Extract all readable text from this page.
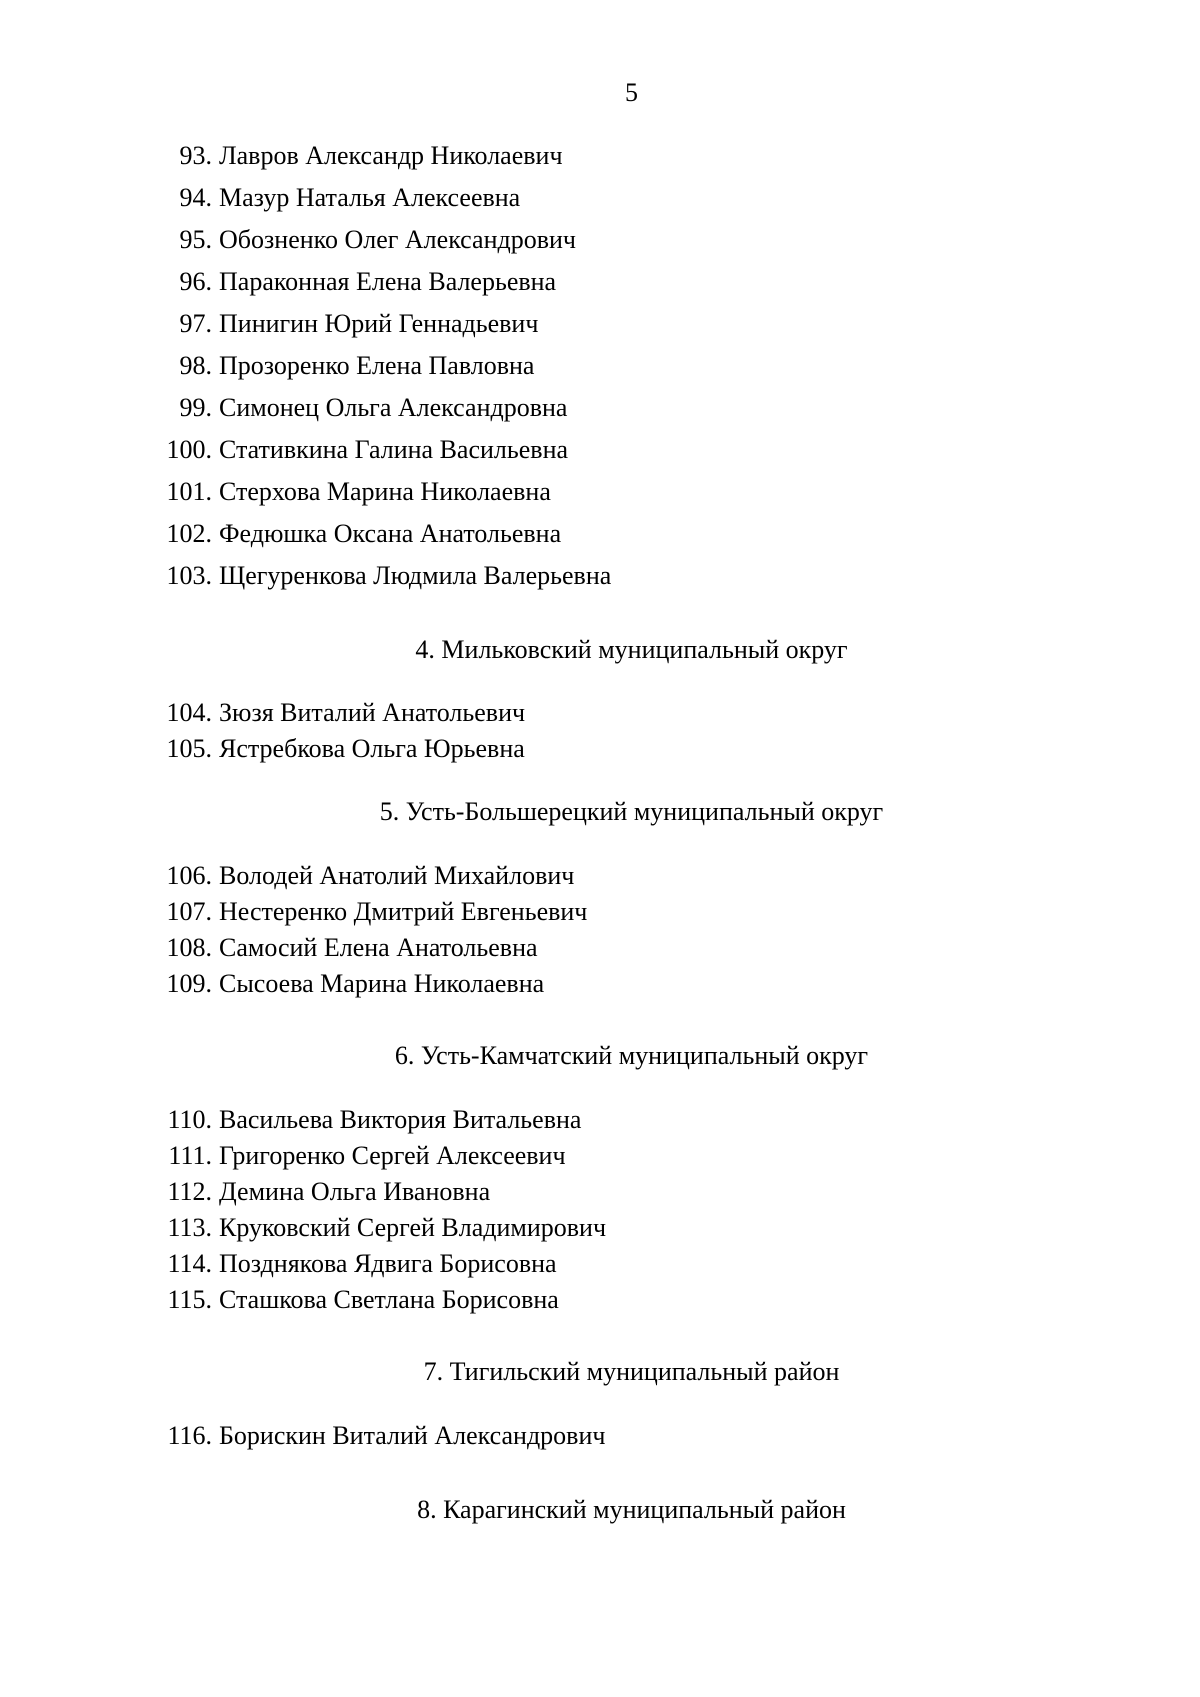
5
93. Лавров Александр Николаевич
94. Мазур Наталья Алексеевна
95. Обозненко Олег Александрович
96. Параконная Елена Валерьевна
97. Пинигин Юрий Геннадьевич
98. Прозоренко Елена Павловна
99. Симонец Ольга Александровна
100. Стативкина Галина Васильевна
101. Стерхова Марина Николаевна
102. Федюшка Оксана Анатольевна
103. Щегуренкова Людмила Валерьевна
4. Мильковский муниципальный округ
104. Зюзя Виталий Анатольевич
105. Ястребкова Ольга Юрьевна
5. Усть-Большерецкий муниципальный округ
106. Володей Анатолий Михайлович
107. Нестеренко Дмитрий Евгеньевич
108. Самосий Елена Анатольевна
109. Сысоева Марина Николаевна
6. Усть-Камчатский муниципальный округ
110. Васильева Виктория Витальевна
111. Григоренко Сергей Алексеевич
112. Демина Ольга Ивановна
113. Круковский Сергей Владимирович
114. Позднякова Ядвига Борисовна
115. Сташкова Светлана Борисовна
7. Тигильский муниципальный район
116. Борискин Виталий Александрович
8. Карагинский муниципальный район
